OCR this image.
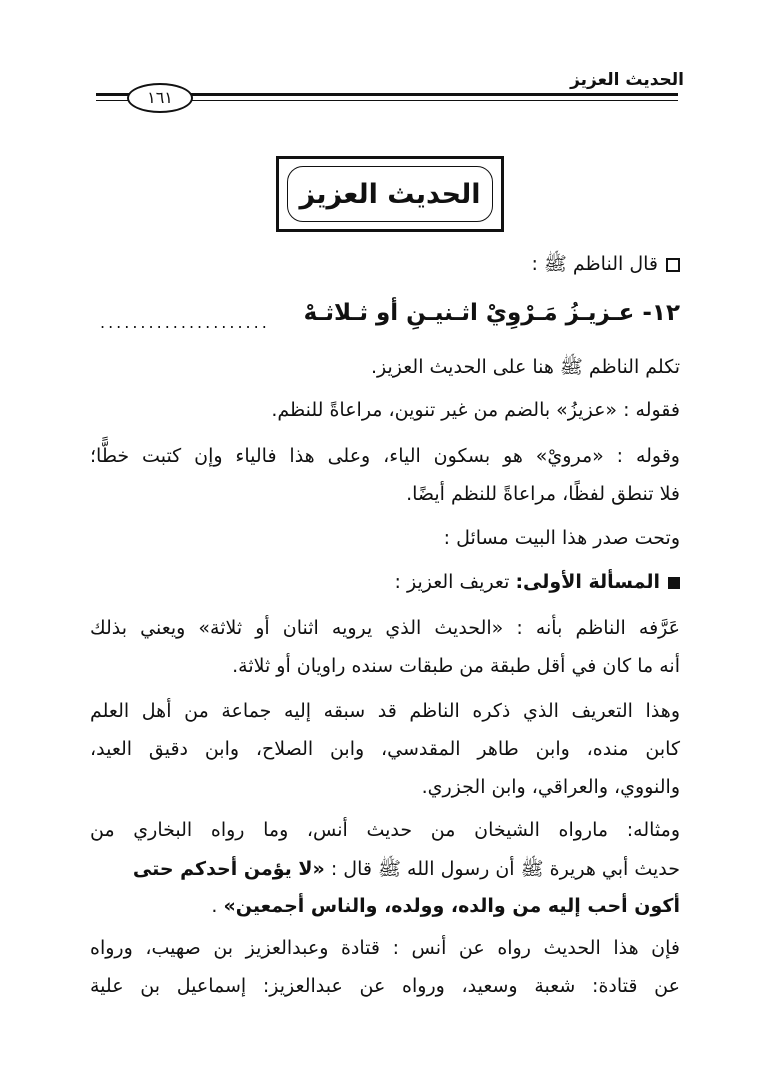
الحديث العزيز
١٦١
الحديث العزيز
قال الناظم ﷺ :
١٢- عـزيـزُ مَـرْوِيْ اثـنيـنِ أو ثـلاثـهْ
.....................
تكلم الناظم ﷺ هنا على الحديث العزيز.
فقوله : «عزيزُ» بالضم من غير تنوين، مراعاةً للنظم.
وقوله : «مرويْ» هو بسكون الياء، وعلى هذا فالياء وإن كتبت خطًّا؛
فلا تنطق لفظًا، مراعاةً للنظم أيضًا.
وتحت صدر هذا البيت مسائل :
المسألة الأولى: تعريف العزيز :
عَرَّفه الناظم بأنه : «الحديث الذي يرويه اثنان أو ثلاثة» ويعني بذلك
أنه ما كان في أقل طبقة من طبقات سنده راويان أو ثلاثة.
وهذا التعريف الذي ذكره الناظم قد سبقه إليه جماعة من أهل العلم
كابن منده، وابن طاهر المقدسي، وابن الصلاح، وابن دقيق العيد،
والنووي، والعراقي، وابن الجزري.
ومثاله: مارواه الشيخان من حديث أنس، وما رواه البخاري من
حديث أبي هريرة ﷺ أن رسول الله ﷺ قال : «لا يؤمن أحدكم حتى
أكون أحب إليه من والده، وولده، والناس أجمعين» .
فإن هذا الحديث رواه عن أنس : قتادة وعبدالعزيز بن صهيب، ورواه
عن قتادة: شعبة وسعيد، ورواه عن عبدالعزيز: إسماعيل بن علية
